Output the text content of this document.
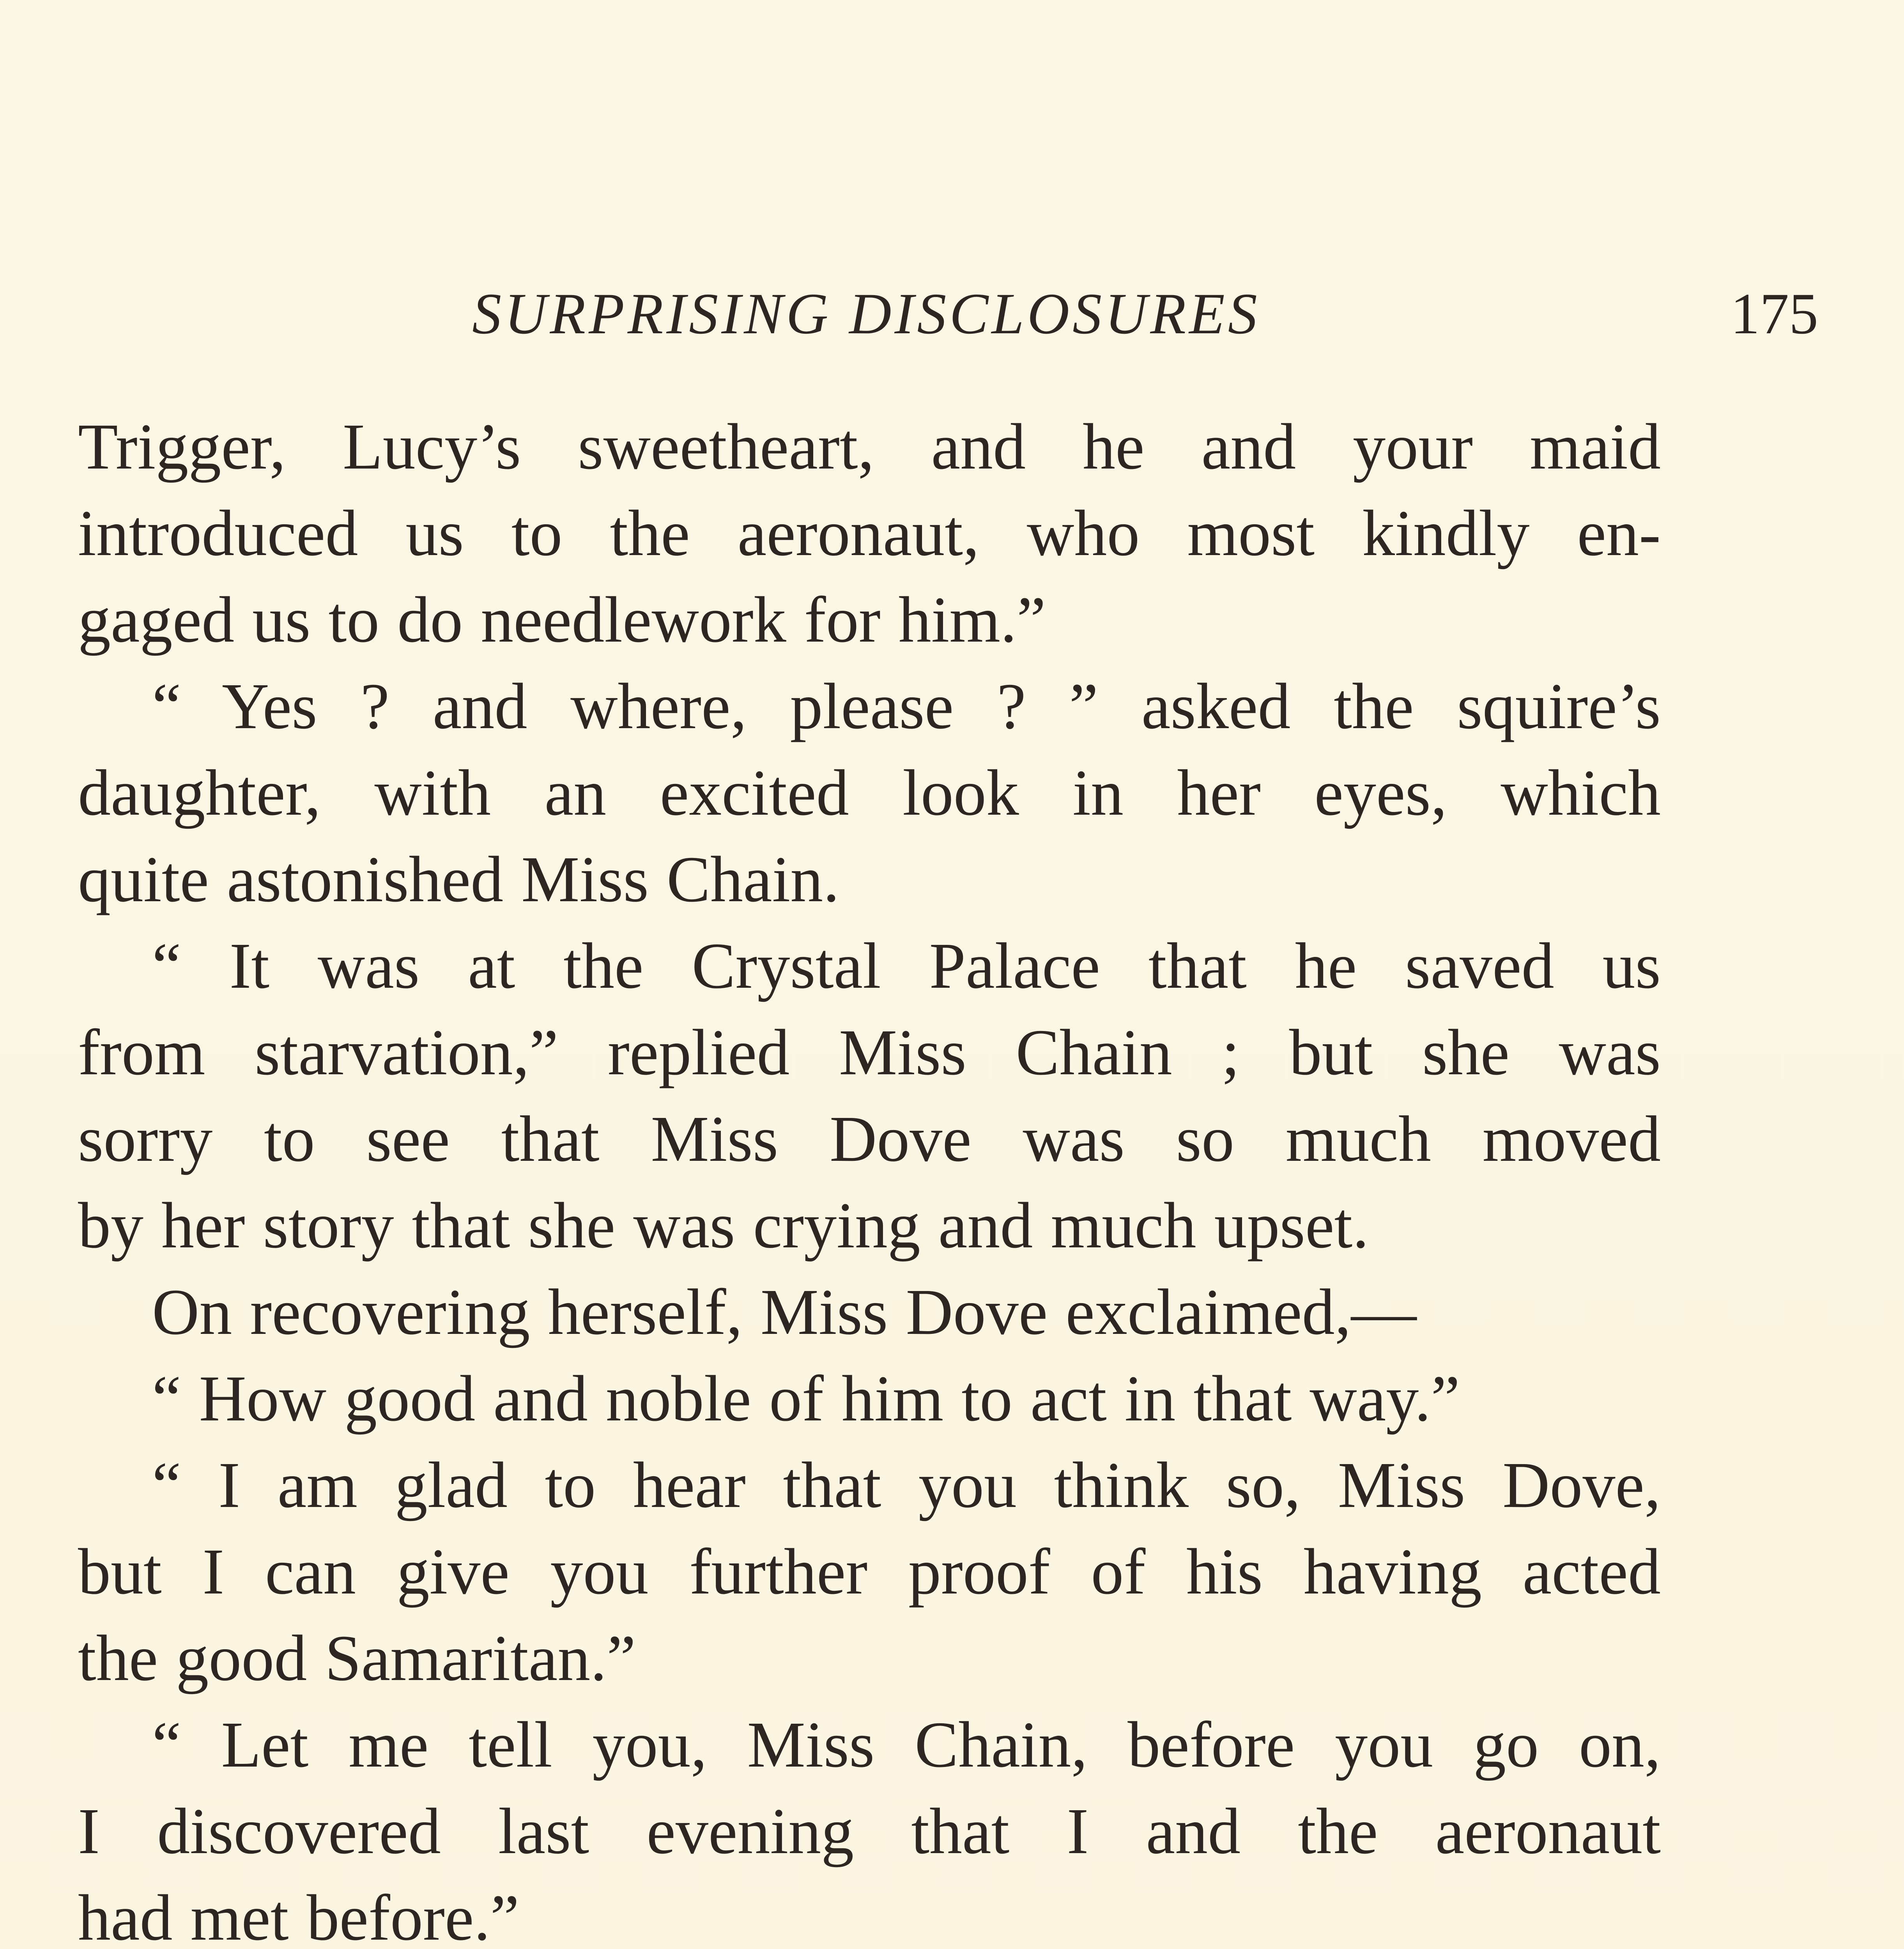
SURPRISING DISCLOSURES	175
Trigger, Lucy’s sweetheart, and he and your maid
introduced us to the aeronaut, who most kindly en-
gaged us to do needlework for him.”
“ Yes ? and where, please ? ” asked the squire’s
daughter, with an excited look in her eyes, which
quite astonished Miss Chain.
“ It was at the Crystal Palace that he saved us
from starvation,” replied Miss Chain ; but she was
sorry to see that Miss Dove was so much moved
by her story that she was crying and much upset.
On recovering herself, Miss Dove exclaimed,—
“ How good and noble of him to act in that way.”
“ I am glad to hear that you think so, Miss Dove,
but I can give you further proof of his having acted
the good Samaritan.”
“ Let me tell you, Miss Chain, before you go on,
I discovered last evening that I and the aeronaut
had met before.”
